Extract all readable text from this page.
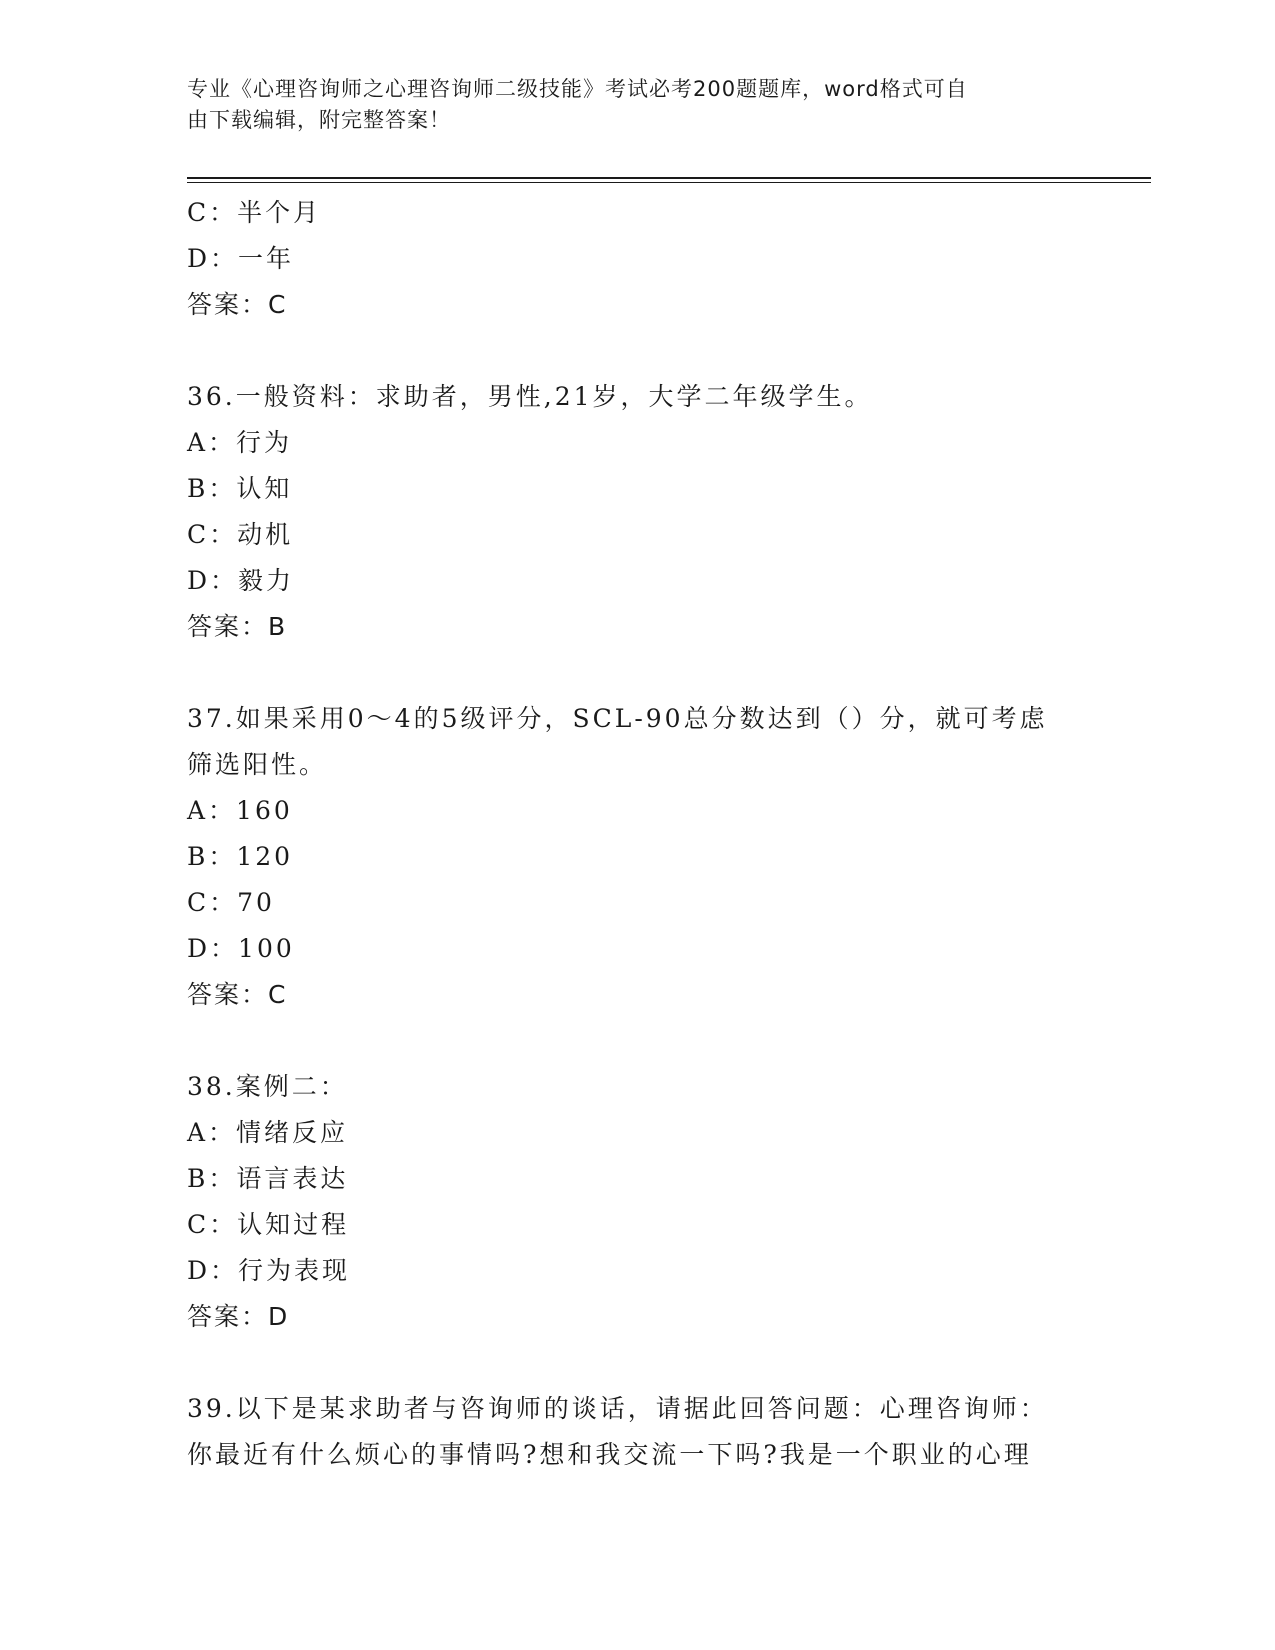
专业《心理咨询师之心理咨询师二级技能》考试必考200题题库，word格式可自
由下载编辑，附完整答案！
C：半个月
D：一年
答案：C
36.一般资料：求助者，男性,21岁，大学二年级学生。
A：行为
B：认知
C：动机
D：毅力
答案：B
37.如果采用0～4的5级评分，SCL-90总分数达到（）分，就可考虑
筛选阳性。
A：160
B：120
C：70
D：100
答案：C
38.案例二：
A：情绪反应
B：语言表达
C：认知过程
D：行为表现
答案：D
39.以下是某求助者与咨询师的谈话，请据此回答问题：心理咨询师：
你最近有什么烦心的事情吗?想和我交流一下吗?我是一个职业的心理
